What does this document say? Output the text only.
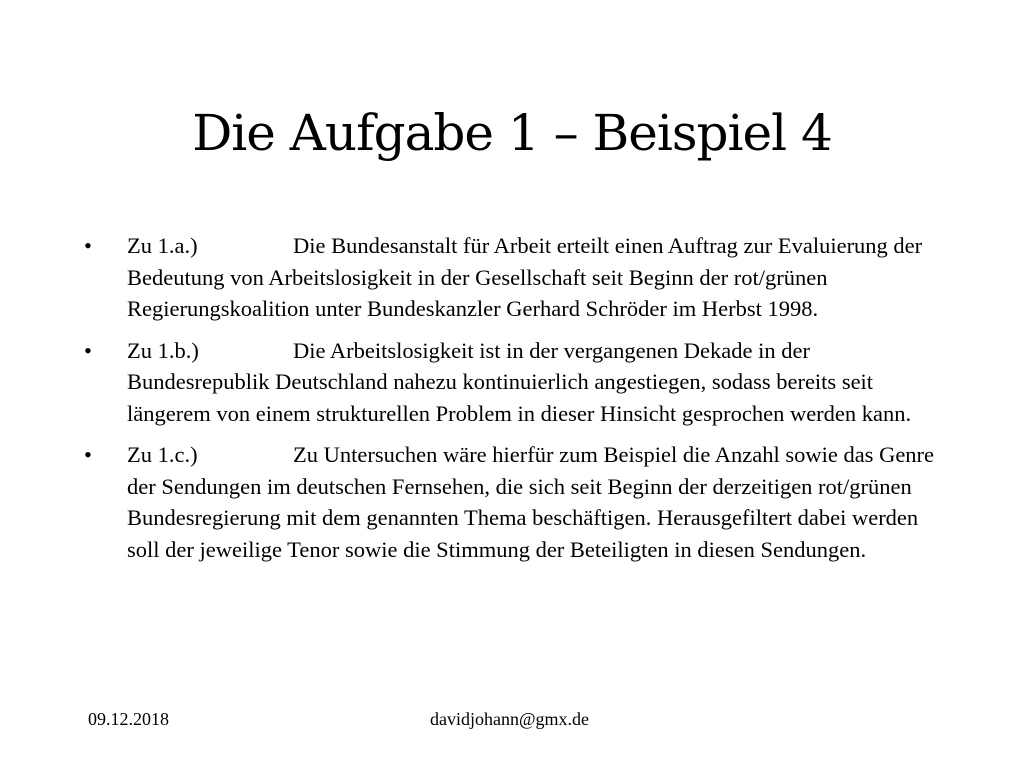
Die Aufgabe 1 – Beispiel 4
•	Zu 1.a.)	Die Bundesanstalt für Arbeit erteilt einen Auftrag zur Evaluierung der Bedeutung von Arbeitslosigkeit in der Gesellschaft seit Beginn der rot/grünen Regierungskoalition unter Bundeskanzler Gerhard Schröder im Herbst 1998.
•	Zu 1.b.)	Die Arbeitslosigkeit ist in der vergangenen Dekade in der Bundesrepublik Deutschland nahezu kontinuierlich angestiegen, sodass bereits seit längerem von einem strukturellen Problem in dieser Hinsicht gesprochen werden kann.
•	Zu 1.c.)	Zu Untersuchen wäre hierfür zum Beispiel die Anzahl sowie das Genre der Sendungen im deutschen Fernsehen, die sich seit Beginn der derzeitigen rot/grünen Bundesregierung mit dem genannten Thema beschäftigen. Herausgefiltert dabei werden soll der jeweilige Tenor sowie die Stimmung der Beteiligten in diesen Sendungen.
09.12.2018	davidjohann@gmx.de
